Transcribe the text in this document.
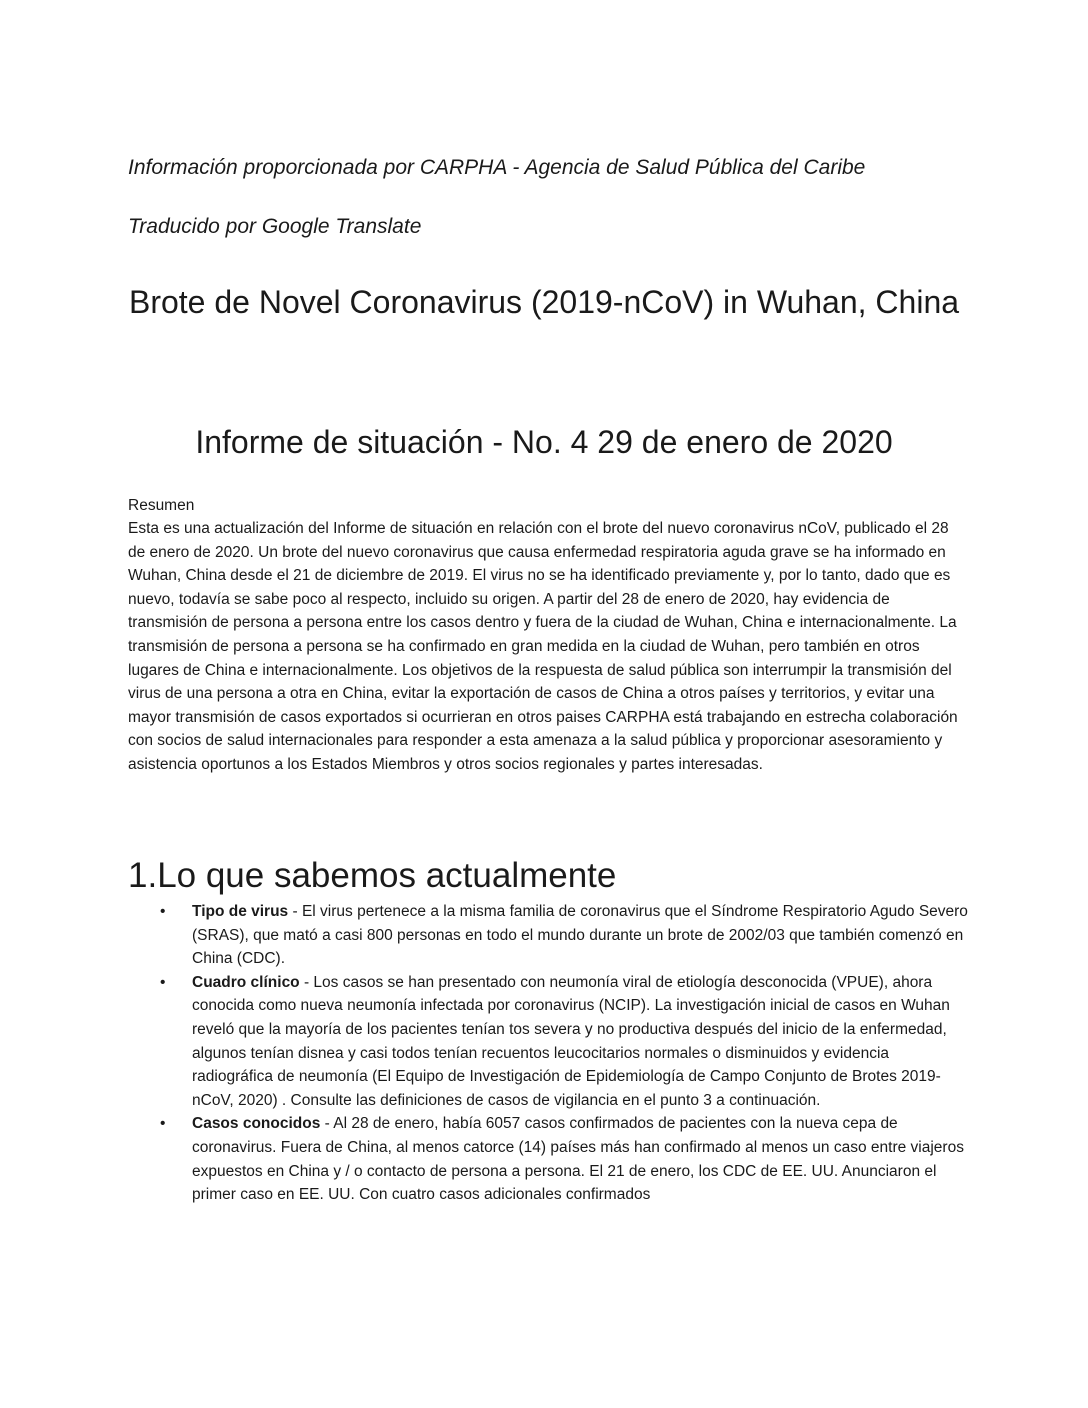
Información proporcionada por CARPHA - Agencia de Salud Pública del Caribe
Traducido por Google Translate
Brote de Novel Coronavirus (2019-nCoV) in Wuhan, China
Informe de situación - No. 4 29 de enero de 2020
Resumen

Esta es una actualización del Informe de situación en relación con el brote del nuevo coronavirus nCoV, publicado el 28 de enero de 2020. Un brote del nuevo coronavirus que causa enfermedad respiratoria aguda grave se ha informado en Wuhan, China desde el 21 de diciembre de 2019. El virus no se ha identificado previamente y, por lo tanto, dado que es nuevo, todavía se sabe poco al respecto, incluido su origen. A partir del 28 de enero de 2020, hay evidencia de transmisión de persona a persona entre los casos dentro y fuera de la ciudad de Wuhan, China e internacionalmente. La transmisión de persona a persona se ha confirmado en gran medida en la ciudad de Wuhan, pero también en otros lugares de China e internacionalmente. Los objetivos de la respuesta de salud pública son interrumpir la transmisión del virus de una persona a otra en China, evitar la exportación de casos de China a otros países y territorios, y evitar una mayor transmisión de casos exportados si ocurrieran en otros paises CARPHA está trabajando en estrecha colaboración con socios de salud internacionales para responder a esta amenaza a la salud pública y proporcionar asesoramiento y asistencia oportunos a los Estados Miembros y otros socios regionales y partes interesadas.

1.Lo que sabemos actualmente
• Tipo de virus - El virus pertenece a la misma familia de coronavirus que el Síndrome Respiratorio Agudo Severo (SRAS), que mató a casi 800 personas en todo el mundo durante un brote de 2002/03 que también comenzó en China (CDC).
• Cuadro clínico - Los casos se han presentado con neumonía viral de etiología desconocida (VPUE), ahora conocida como nueva neumonía infectada por coronavirus (NCIP). La investigación inicial de casos en Wuhan reveló que la mayoría de los pacientes tenían tos severa y no productiva después del inicio de la enfermedad, algunos tenían disnea y casi todos tenían recuentos leucocitarios normales o disminuidos y evidencia radiográfica de neumonía (El Equipo de Investigación de Epidemiología de Campo Conjunto de Brotes 2019-nCoV, 2020) . Consulte las definiciones de casos de vigilancia en el punto 3 a continuación.
• Casos conocidos - Al 28 de enero, había 6057 casos confirmados de pacientes con la nueva cepa de coronavirus. Fuera de China, al menos catorce (14) países más han confirmado al menos un caso entre viajeros expuestos en China y / o contacto de persona a persona. El 21 de enero, los CDC de EE. UU. Anunciaron el primer caso en EE. UU. Con cuatro casos adicionales confirmados
